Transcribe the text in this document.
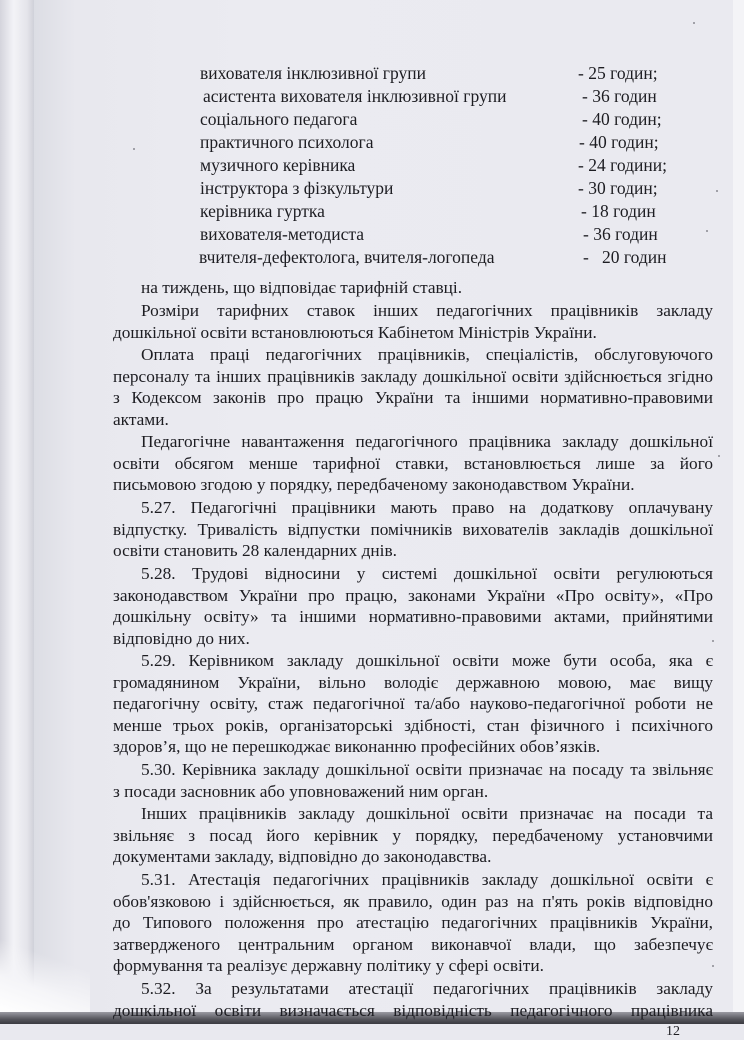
вихователя інклюзивної групи	- 25 годин;
асистента вихователя інклюзивної групи	- 36 годин
соціального педагога	- 40 годин;
практичного психолога	- 40 годин;
музичного керівника	- 24 години;
інструктора з фізкультури	- 30 годин;
керівника гуртка	- 18 годин
вихователя-методиста	- 36 годин
вчителя-дефектолога, вчителя-логопеда	-   20 годин
на тиждень, що відповідає тарифній ставці.
Розміри тарифних ставок інших педагогічних працівників закладу
дошкільної освіти встановлюються Кабінетом Міністрів України.
Оплата праці педагогічних працівників, спеціалістів, обслуговуючого
персоналу та інших працівників закладу дошкільної освіти здійснюється згідно
з Кодексом законів про працю України та іншими нормативно-правовими
актами.
Педагогічне навантаження педагогічного працівника закладу дошкільної
освіти обсягом менше тарифної ставки, встановлюється лише за його
письмовою згодою у порядку, передбаченому законодавством України.
5.27. Педагогічні працівники мають право на додаткову оплачувану
відпустку. Тривалість відпустки помічників вихователів закладів дошкільної
освіти становить 28 календарних днів.
5.28. Трудові відносини у системі дошкільної освіти регулюються
законодавством України про працю, законами України «Про освіту», «Про
дошкільну освіту» та іншими нормативно-правовими актами, прийнятими
відповідно до них.
5.29. Керівником закладу дошкільної освіти може бути особа, яка є
громадянином України, вільно володіє державною мовою, має вищу
педагогічну освіту, стаж педагогічної та/або науково-педагогічної роботи не
менше трьох років, організаторські здібності, стан фізичного і психічного
здоров’я, що не перешкоджає виконанню професійних обов’язків.
5.30. Керівника закладу дошкільної освіти призначає на посаду та звільняє
з посади засновник або уповноважений ним орган.
Інших працівників закладу дошкільної освіти призначає на посади та
звільняє з посад його керівник у порядку, передбаченому установчими
документами закладу, відповідно до законодавства.
5.31. Атестація педагогічних працівників закладу дошкільної освіти є
обов'язковою і здійснюється, як правило, один раз на п'ять років відповідно
до Типового положення про атестацію педагогічних працівників України,
затвердженого центральним органом виконавчої влади, що забезпечує
формування та реалізує державну політику у сфері освіти.
5.32. За результатами атестації педагогічних працівників закладу
дошкільної освіти визначається відповідність педагогічного працівника
12
